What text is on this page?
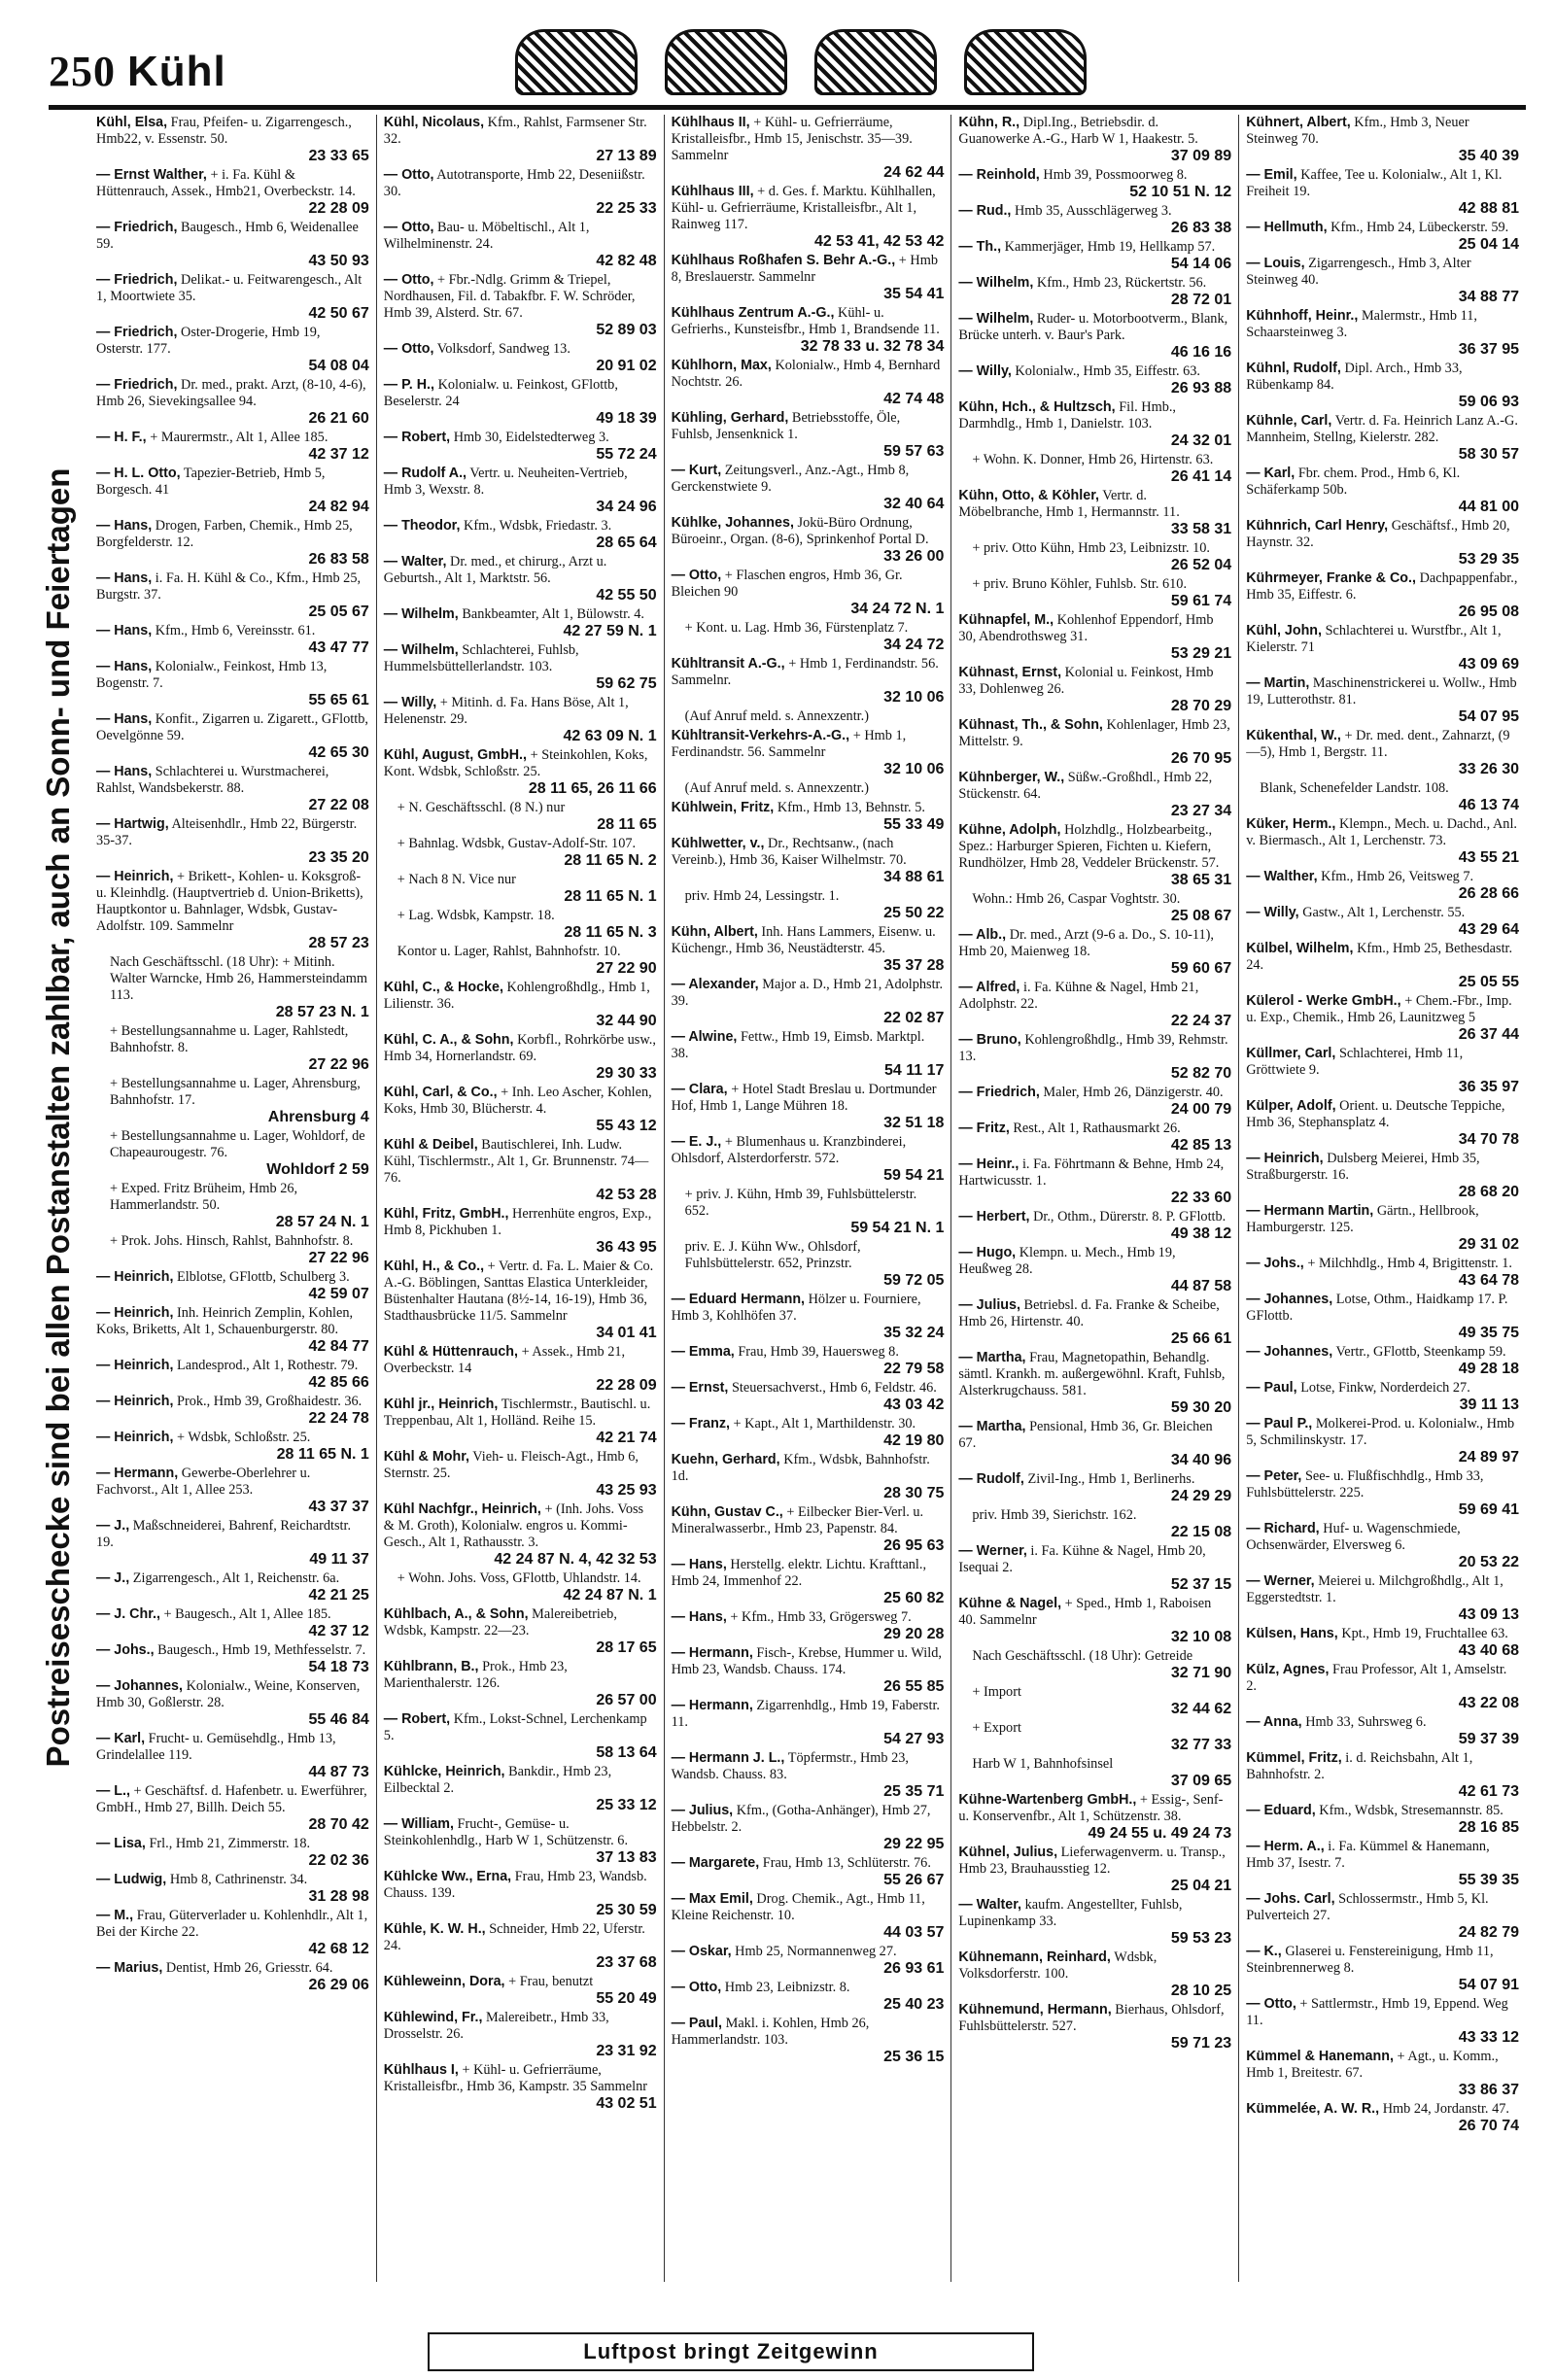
250 Kühl
Postreiseschecke sind bei allen Postanstalten zahlbar, auch an Sonn- und Feiertagen
Kühl, Elsa, Frau, Pfeifen- u. Zigarrengesch., Hmb22, v. Essenstr. 50.
23 33 65
— Ernst Walther, + i. Fa. Kühl & Hüttenrauch, Assek., Hmb21, Overbeckstr. 14.
22 28 09
— Friedrich, Baugesch., Hmb 6, Weidenallee 59.
43 50 93
— Friedrich, Delikat.- u. Feitwarengesch., Alt 1, Moortwiete 35.
42 50 67
— Friedrich, Oster-Drogerie, Hmb 19, Osterstr. 177.
54 08 04
— Friedrich, Dr. med., prakt. Arzt, (8-10, 4-6), Hmb 26, Sievekingsallee 94.
26 21 60
— H. F., + Maurermstr., Alt 1, Allee 185.
42 37 12
— H. L. Otto, Tapezier-Betrieb, Hmb 5, Borgesch. 41
24 82 94
— Hans, Drogen, Farben, Chemik., Hmb 25, Borgfelderstr. 12.
26 83 58
— Hans, i. Fa. H. Kühl & Co., Kfm., Hmb 25, Burgstr. 37.
25 05 67
— Hans, Kfm., Hmb 6, Vereinsstr. 61.
43 47 77
— Hans, Kolonialw., Feinkost, Hmb 13, Bogenstr. 7.
55 65 61
— Hans, Konfit., Zigarren u. Zigarett., GFlottb, Oevelgönne 59.
42 65 30
— Hans, Schlachterei u. Wurstmacherei, Rahlst, Wandsbekerstr. 88.
27 22 08
— Hartwig, Alteisenhdlr., Hmb 22, Bürgerstr. 35-37.
23 35 20
— Heinrich, + Brikett-, Kohlen- u. Koksgroß- u. Kleinhdlg. (Hauptvertrieb d. Union-Briketts), Hauptkontor u. Bahnlager, Wdsbk, Gustav-Adolfstr. 109. Sammelnr
28 57 23
Nach Geschäftsschl. (18 Uhr): + Mitinh. Walter Warncke, Hmb 26, Hammersteindamm 113.
28 57 23 N. 1
+ Bestellungsannahme u. Lager, Rahlstedt, Bahnhofstr. 8.
27 22 96
+ Bestellungsannahme u. Lager, Ahrensburg, Bahnhofstr. 17.
Ahrensburg 4
+ Bestellungsannahme u. Lager, Wohldorf, de Chapeaurougestr. 76.
Wohldorf 2 59
+ Exped. Fritz Brüheim, Hmb 26, Hammerlandstr. 50.
28 57 24 N. 1
+ Prok. Johs. Hinsch, Rahlst, Bahnhofstr. 8.
27 22 96
— Heinrich, Elblotse, GFlottb, Schulberg 3.
42 59 07
— Heinrich, Inh. Heinrich Zemplin, Kohlen, Koks, Briketts, Alt 1, Schauenburgerstr. 80.
42 84 77
— Heinrich, Landesprod., Alt 1, Rothestr. 79.
42 85 66
— Heinrich, Prok., Hmb 39, Großhaidestr. 36.
22 24 78
— Heinrich, + Wdsbk, Schloßstr. 25.
28 11 65 N. 1
— Hermann, Gewerbe-Oberlehrer u. Fachvorst., Alt 1, Allee 253.
43 37 37
— J., Maßschneiderei, Bahrenf, Reichardtstr. 19.
49 11 37
— J., Zigarrengesch., Alt 1, Reichenstr. 6a.
42 21 25
— J. Chr., + Baugesch., Alt 1, Allee 185.
42 37 12
— Johs., Baugesch., Hmb 19, Methfesselstr. 7.
54 18 73
— Johannes, Kolonialw., Weine, Konserven, Hmb 30, Goßlerstr. 28.
55 46 84
— Karl, Frucht- u. Gemüsehdlg., Hmb 13, Grindelallee 119.
44 87 73
— L., + Geschäftsf. d. Hafenbetr. u. Ewerführer, GmbH., Hmb 27, Billh. Deich 55.
28 70 42
— Lisa, Frl., Hmb 21, Zimmerstr. 18.
22 02 36
— Ludwig, Hmb 8, Cathrinenstr. 34.
31 28 98
— M., Frau, Güterverlader u. Kohlenhdlr., Alt 1, Bei der Kirche 22.
42 68 12
— Marius, Dentist, Hmb 26, Griesstr. 64.
26 29 06
Kühl, Nicolaus, Kfm., Rahlst, Farmsener Str. 32.
27 13 89
— Otto, Autotransporte, Hmb 22, Deseniißstr. 30.
22 25 33
— Otto, Bau- u. Möbeltischl., Alt 1, Wilhelminenstr. 24.
42 82 48
— Otto, + Fbr.-Ndlg. Grimm & Triepel, Nordhausen, Fil. d. Tabakfbr. F. W. Schröder, Hmb 39, Alsterd. Str. 67.
52 89 03
— Otto, Volksdorf, Sandweg 13.
20 91 02
— P. H., Kolonialw. u. Feinkost, GFlottb, Beselerstr. 24
49 18 39
— Robert, Hmb 30, Eidelstedterweg 3.
55 72 24
— Rudolf A., Vertr. u. Neuheiten-Vertrieb, Hmb 3, Wexstr. 8.
34 24 96
— Theodor, Kfm., Wdsbk, Friedastr. 3.
28 65 64
— Walter, Dr. med., et chirurg., Arzt u. Geburtsh., Alt 1, Marktstr. 56.
42 55 50
— Wilhelm, Bankbeamter, Alt 1, Bülowstr. 4.
42 27 59 N. 1
— Wilhelm, Schlachterei, Fuhlsb, Hummelsbüttellerlandstr. 103.
59 62 75
— Willy, + Mitinh. d. Fa. Hans Böse, Alt 1, Helenenstr. 29.
42 63 09 N. 1
Kühl, August, GmbH., + Steinkohlen, Koks, Kont. Wdsbk, Schloßstr. 25.
28 11 65, 26 11 66
+ N. Geschäftsschl. (8 N.) nur
28 11 65
+ Bahnlag. Wdsbk, Gustav-Adolf-Str. 107.
28 11 65 N. 2
+ Nach 8 N. Vice nur
28 11 65 N. 1
+ Lag. Wdsbk, Kampstr. 18.
28 11 65 N. 3
Kontor u. Lager, Rahlst, Bahnhofstr. 10.
27 22 90
Kühl, C., & Hocke, Kohlengroßhdlg., Hmb 1, Lilienstr. 36.
32 44 90
Kühl, C. A., & Sohn, Korbfl., Rohrkörbe usw., Hmb 34, Hornerlandstr. 69.
29 30 33
Kühl, Carl, & Co., + Inh. Leo Ascher, Kohlen, Koks, Hmb 30, Blücherstr. 4.
55 43 12
Kühl & Deibel, Bautischlerei, Inh. Ludw. Kühl, Tischlermstr., Alt 1, Gr. Brunnenstr. 74—76.
42 53 28
Kühl, Fritz, GmbH., Herrenhüte engros, Exp., Hmb 8, Pickhuben 1.
36 43 95
Kühl, H., & Co., + Vertr. d. Fa. L. Maier & Co. A.-G. Böblingen, Santtas Elastica Unterkleider, Büstenhalter Hautana (8½-14, 16-19), Hmb 36, Stadthausbrücke 11/5. Sammelnr
34 01 41
Kühl & Hüttenrauch, + Assek., Hmb 21, Overbeckstr. 14
22 28 09
Kühl jr., Heinrich, Tischlermstr., Bautischl. u. Treppenbau, Alt 1, Holländ. Reihe 15.
42 21 74
Kühl & Mohr, Vieh- u. Fleisch-Agt., Hmb 6, Sternstr. 25.
43 25 93
Kühl Nachfgr., Heinrich, + (Inh. Johs. Voss & M. Groth), Kolonialw. engros u. Kommi-Gesch., Alt 1, Rathausstr. 3.
42 24 87 N. 4, 42 32 53
+ Wohn. Johs. Voss, GFlottb, Uhlandstr. 14.
42 24 87 N. 1
Kühlbach, A., & Sohn, Malereibetrieb, Wdsbk, Kampstr. 22—23.
28 17 65
Kühlbrann, B., Prok., Hmb 23, Marienthalerstr. 126.
26 57 00
— Robert, Kfm., Lokst-Schnel, Lerchenkamp 5.
58 13 64
Kühlcke, Heinrich, Bankdir., Hmb 23, Eilbecktal 2.
25 33 12
— William, Frucht-, Gemüse- u. Steinkohlenhdlg., Harb W 1, Schützenstr. 6.
37 13 83
Kühlcke Ww., Erna, Frau, Hmb 23, Wandsb. Chauss. 139.
25 30 59
Kühle, K. W. H., Schneider, Hmb 22, Uferstr. 24.
23 37 68
Kühleweinn, Dora, + Frau, benutzt
55 20 49
Kühlewind, Fr., Malereibetr., Hmb 33, Drosselstr. 26.
23 31 92
Kühlhaus I, + Kühl- u. Gefrierräume, Kristalleisfbr., Hmb 36, Kampstr. 35 Sammelnr
43 02 51
Kühlhaus II, + Kühl- u. Gefrierräume, Kristalleisfbr., Hmb 15, Jenischstr. 35—39. Sammelnr
24 62 44
Kühlhaus III, + d. Ges. f. Marktu. Kühlhallen, Kühl- u. Gefrierräume, Kristalleisfbr., Alt 1, Rainweg 117.
42 53 41, 42 53 42
Kühlhaus Roßhafen S. Behr A.-G., + Hmb 8, Breslauerstr. Sammelnr
35 54 41
Kühlhaus Zentrum A.-G., Kühl- u. Gefrierhs., Kunsteisfbr., Hmb 1, Brandsende 11.
32 78 33 u. 32 78 34
Kühlhorn, Max, Kolonialw., Hmb 4, Bernhard Nochtstr. 26.
42 74 48
Kühling, Gerhard, Betriebsstoffe, Öle, Fuhlsb, Jensenknick 1.
59 57 63
— Kurt, Zeitungsverl., Anz.-Agt., Hmb 8, Gerckenstwiete 9.
32 40 64
Kühlke, Johannes, Jokü-Büro Ordnung, Büroeinr., Organ. (8-6), Sprinkenhof Portal D.
33 26 00
— Otto, + Flaschen engros, Hmb 36, Gr. Bleichen 90
34 24 72 N. 1
+ Kont. u. Lag. Hmb 36, Fürstenplatz 7.
34 24 72
Kühltransit A.-G., + Hmb 1, Ferdinandstr. 56. Sammelnr.
32 10 06
(Auf Anruf meld. s. Annexzentr.)
Kühltransit-Verkehrs-A.-G., + Hmb 1, Ferdinandstr. 56. Sammelnr
32 10 06
(Auf Anruf meld. s. Annexzentr.)
Kühlwein, Fritz, Kfm., Hmb 13, Behnstr. 5.
55 33 49
Kühlwetter, v., Dr., Rechtsanw., (nach Vereinb.), Hmb 36, Kaiser Wilhelmstr. 70.
34 88 61
priv. Hmb 24, Lessingstr. 1.
25 50 22
Kühn, Albert, Inh. Hans Lammers, Eisenw. u. Küchengr., Hmb 36, Neustädterstr. 45.
35 37 28
— Alexander, Major a. D., Hmb 21, Adolphstr. 39.
22 02 87
— Alwine, Fettw., Hmb 19, Eimsb. Marktpl. 38.
54 11 17
— Clara, + Hotel Stadt Breslau u. Dortmunder Hof, Hmb 1, Lange Mühren 18.
32 51 18
— E. J., + Blumenhaus u. Kranzbinderei, Ohlsdorf, Alsterdorferstr. 572.
59 54 21
+ priv. J. Kühn, Hmb 39, Fuhlsbüttelerstr. 652.
59 54 21 N. 1
priv. E. J. Kühn Ww., Ohlsdorf, Fuhlsbüttelerstr. 652, Prinzstr.
59 72 05
— Eduard Hermann, Hölzer u. Fourniere, Hmb 3, Kohlhöfen 37.
35 32 24
— Emma, Frau, Hmb 39, Hauersweg 8.
22 79 58
— Ernst, Steuersachverst., Hmb 6, Feldstr. 46.
43 03 42
— Franz, + Kapt., Alt 1, Marthildenstr. 30.
42 19 80
Kuehn, Gerhard, Kfm., Wdsbk, Bahnhofstr. 1d.
28 30 75
Kühn, Gustav C., + Eilbecker Bier-Verl. u. Mineralwasserbr., Hmb 23, Papenstr. 84.
26 95 63
— Hans, Herstellg. elektr. Lichtu. Krafttanl., Hmb 24, Immenhof 22.
25 60 82
— Hans, + Kfm., Hmb 33, Grögersweg 7.
29 20 28
— Hermann, Fisch-, Krebse, Hummer u. Wild, Hmb 23, Wandsb. Chauss. 174.
26 55 85
— Hermann, Zigarrenhdlg., Hmb 19, Faberstr. 11.
54 27 93
— Hermann J. L., Töpfermstr., Hmb 23, Wandsb. Chauss. 83.
25 35 71
— Julius, Kfm., (Gotha-Anhänger), Hmb 27, Hebbelstr. 2.
29 22 95
— Margarete, Frau, Hmb 13, Schlüterstr. 76.
55 26 67
— Max Emil, Drog. Chemik., Agt., Hmb 11, Kleine Reichenstr. 10.
44 03 57
— Oskar, Hmb 25, Normannenweg 27.
26 93 61
— Otto, Hmb 23, Leibnizstr. 8.
25 40 23
— Paul, Makl. i. Kohlen, Hmb 26, Hammerlandstr. 103.
25 36 15
Kühn, R., Dipl.Ing., Betriebsdir. d. Guanowerke A.-G., Harb W 1, Haakestr. 5.
37 09 89
— Reinhold, Hmb 39, Possmoorweg 8.
52 10 51 N. 12
— Rud., Hmb 35, Ausschlägerweg 3.
26 83 38
— Th., Kammerjäger, Hmb 19, Hellkamp 57.
54 14 06
— Wilhelm, Kfm., Hmb 23, Rückertstr. 56.
28 72 01
— Wilhelm, Ruder- u. Motorbootverm., Blank, Brücke unterh. v. Baur's Park.
46 16 16
— Willy, Kolonialw., Hmb 35, Eiffestr. 63.
26 93 88
Kühn, Hch., & Hultzsch, Fil. Hmb., Darmhdlg., Hmb 1, Danielstr. 103.
24 32 01
+ Wohn. K. Donner, Hmb 26, Hirtenstr. 63.
26 41 14
Kühn, Otto, & Köhler, Vertr. d. Möbelbranche, Hmb 1, Hermannstr. 11.
33 58 31
+ priv. Otto Kühn, Hmb 23, Leibnizstr. 10.
26 52 04
+ priv. Bruno Köhler, Fuhlsb. Str. 610.
59 61 74
Kühnapfel, M., Kohlenhof Eppendorf, Hmb 30, Abendrothsweg 31.
53 29 21
Kühnast, Ernst, Kolonial u. Feinkost, Hmb 33, Dohlenweg 26.
28 70 29
Kühnast, Th., & Sohn, Kohlenlager, Hmb 23, Mittelstr. 9.
26 70 95
Kühnberger, W., Süßw.-Großhdl., Hmb 22, Stückenstr. 64.
23 27 34
Kühne, Adolph, Holzhdlg., Holzbearbeitg., Spez.: Harburger Spieren, Fichten u. Kiefern, Rundhölzer, Hmb 28, Veddeler Brückenstr. 57.
38 65 31
Wohn.: Hmb 26, Caspar Voghtstr. 30.
25 08 67
— Alb., Dr. med., Arzt (9-6 a. Do., S. 10-11), Hmb 20, Maienweg 18.
59 60 67
— Alfred, i. Fa. Kühne & Nagel, Hmb 21, Adolphstr. 22.
22 24 37
— Bruno, Kohlengroßhdlg., Hmb 39, Rehmstr. 13.
52 82 70
— Friedrich, Maler, Hmb 26, Dänzigerstr. 40.
24 00 79
— Fritz, Rest., Alt 1, Rathausmarkt 26.
42 85 13
— Heinr., i. Fa. Föhrtmann & Behne, Hmb 24, Hartwicusstr. 1.
22 33 60
— Herbert, Dr., Othm., Dürerstr. 8. P. GFlottb.
49 38 12
— Hugo, Klempn. u. Mech., Hmb 19, Heußweg 28.
44 87 58
— Julius, Betriebsl. d. Fa. Franke & Scheibe, Hmb 26, Hirtenstr. 40.
25 66 61
— Martha, Frau, Magnetopathin, Behandlg. sämtl. Krankh. m. außergewöhnl. Kraft, Fuhlsb, Alsterkrugchauss. 581.
59 30 20
— Martha, Pensional, Hmb 36, Gr. Bleichen 67.
34 40 96
— Rudolf, Zivil-Ing., Hmb 1, Berlinerhs.
24 29 29
priv. Hmb 39, Sierichstr. 162.
22 15 08
— Werner, i. Fa. Kühne & Nagel, Hmb 20, Isequai 2.
52 37 15
Kühne & Nagel, + Sped., Hmb 1, Raboisen 40. Sammelnr
32 10 08
Nach Geschäftsschl. (18 Uhr): Getreide
32 71 90
+ Import
32 44 62
+ Export
32 77 33
Harb W 1, Bahnhofsinsel
37 09 65
Kühne-Wartenberg GmbH., + Essig-, Senf- u. Konservenfbr., Alt 1, Schützenstr. 38.
49 24 55 u. 49 24 73
Kühnel, Julius, Lieferwagenverm. u. Transp., Hmb 23, Brauhausstieg 12.
25 04 21
— Walter, kaufm. Angestellter, Fuhlsb, Lupinenkamp 33.
59 53 23
Kühnemann, Reinhard, Wdsbk, Volksdorferstr. 100.
28 10 25
Kühnemund, Hermann, Bierhaus, Ohlsdorf, Fuhlsbüttelerstr. 527.
59 71 23
Kühnert, Albert, Kfm., Hmb 3, Neuer Steinweg 70.
35 40 39
— Emil, Kaffee, Tee u. Kolonialw., Alt 1, Kl. Freiheit 19.
42 88 81
— Hellmuth, Kfm., Hmb 24, Lübeckerstr. 59.
25 04 14
— Louis, Zigarrengesch., Hmb 3, Alter Steinweg 40.
34 88 77
Kühnhoff, Heinr., Malermstr., Hmb 11, Schaarsteinweg 3.
36 37 95
Kühnl, Rudolf, Dipl. Arch., Hmb 33, Rübenkamp 84.
59 06 93
Kühnle, Carl, Vertr. d. Fa. Heinrich Lanz A.-G. Mannheim, Stellng, Kielerstr. 282.
58 30 57
— Karl, Fbr. chem. Prod., Hmb 6, Kl. Schäferkamp 50b.
44 81 00
Kühnrich, Carl Henry, Geschäftsf., Hmb 20, Haynstr. 32.
53 29 35
Kührmeyer, Franke & Co., Dachpappenfabr., Hmb 35, Eiffestr. 6.
26 95 08
Kühl, John, Schlachterei u. Wurstfbr., Alt 1, Kielerstr. 71
43 09 69
— Martin, Maschinenstrickerei u. Wollw., Hmb 19, Lutterothstr. 81.
54 07 95
Kükenthal, W., + Dr. med. dent., Zahnarzt, (9—5), Hmb 1, Bergstr. 11.
33 26 30
Blank, Schenefelder Landstr. 108.
46 13 74
Küker, Herm., Klempn., Mech. u. Dachd., Anl. v. Biermasch., Alt 1, Lerchenstr. 73.
43 55 21
— Walther, Kfm., Hmb 26, Veitsweg 7.
26 28 66
— Willy, Gastw., Alt 1, Lerchenstr. 55.
43 29 64
Külbel, Wilhelm, Kfm., Hmb 25, Bethesdastr. 24.
25 05 55
Külerol - Werke GmbH., + Chem.-Fbr., Imp. u. Exp., Chemik., Hmb 26, Launitzweg 5
26 37 44
Küllmer, Carl, Schlachterei, Hmb 11, Gröttwiete 9.
36 35 97
Külper, Adolf, Orient. u. Deutsche Teppiche, Hmb 36, Stephansplatz 4.
34 70 78
— Heinrich, Dulsberg Meierei, Hmb 35, Straßburgerstr. 16.
28 68 20
— Hermann Martin, Gärtn., Hellbrook, Hamburgerstr. 125.
29 31 02
— Johs., + Milchhdlg., Hmb 4, Brigittenstr. 1.
43 64 78
— Johannes, Lotse, Othm., Haidkamp 17. P. GFlottb.
49 35 75
— Johannes, Vertr., GFlottb, Steenkamp 59.
49 28 18
— Paul, Lotse, Finkw, Norderdeich 27.
39 11 13
— Paul P., Molkerei-Prod. u. Kolonialw., Hmb 5, Schmilinskystr. 17.
24 89 97
— Peter, See- u. Flußfischhdlg., Hmb 33, Fuhlsbüttelerstr. 225.
59 69 41
— Richard, Huf- u. Wagenschmiede, Ochsenwärder, Elversweg 6.
20 53 22
— Werner, Meierei u. Milchgroßhdlg., Alt 1, Eggerstedtstr. 1.
43 09 13
Külsen, Hans, Kpt., Hmb 19, Fruchtallee 63.
43 40 68
Külz, Agnes, Frau Professor, Alt 1, Amselstr. 2.
43 22 08
— Anna, Hmb 33, Suhrsweg 6.
59 37 39
Kümmel, Fritz, i. d. Reichsbahn, Alt 1, Bahnhofstr. 2.
42 61 73
— Eduard, Kfm., Wdsbk, Stresemannstr. 85.
28 16 85
— Herm. A., i. Fa. Kümmel & Hanemann, Hmb 37, Isestr. 7.
55 39 35
— Johs. Carl, Schlossermstr., Hmb 5, Kl. Pulverteich 27.
24 82 79
— K., Glaserei u. Fenstereinigung, Hmb 11, Steinbrennerweg 8.
54 07 91
— Otto, + Sattlermstr., Hmb 19, Eppend. Weg 11.
43 33 12
Kümmel & Hanemann, + Agt., u. Komm., Hmb 1, Breitestr. 67.
33 86 37
Kümmelée, A. W. R., Hmb 24, Jordanstr. 47.
26 70 74
Luftpost bringt Zeitgewinn
